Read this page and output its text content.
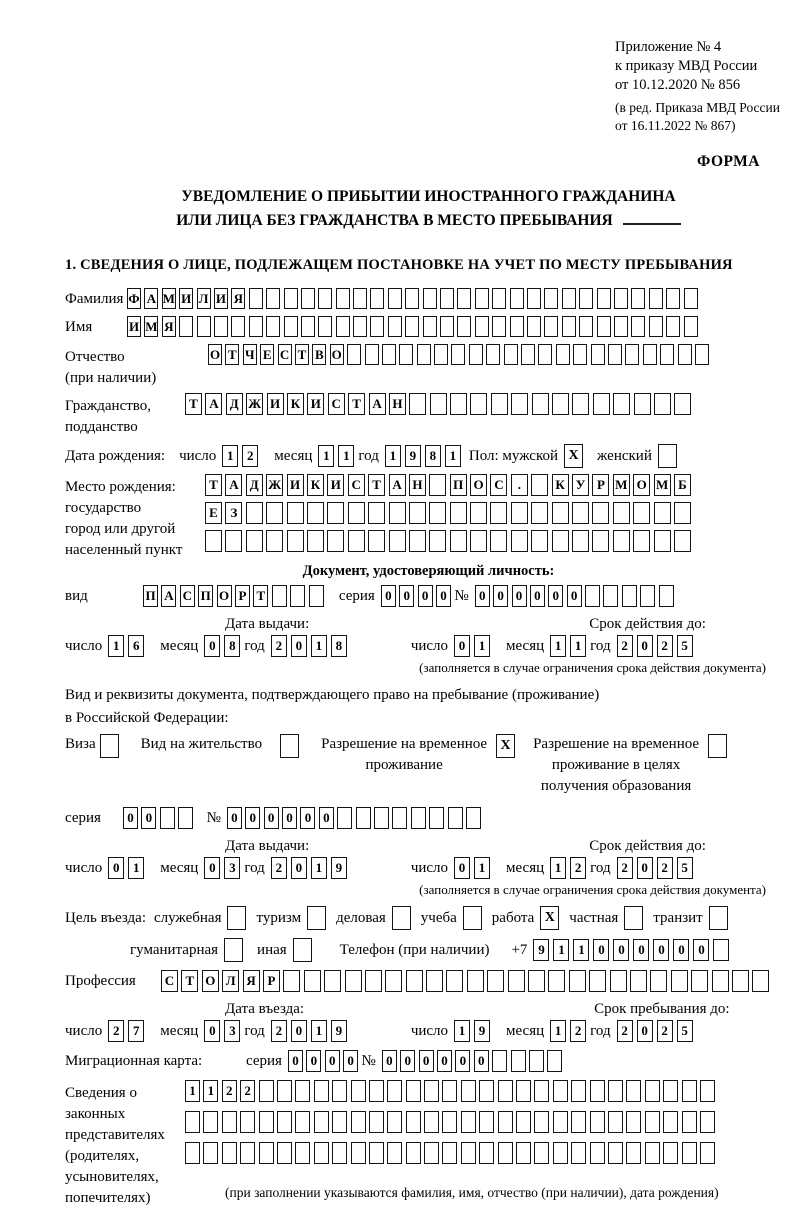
Приложение № 4
к приказу МВД России
от 10.12.2020 № 856
(в ред. Приказа МВД России
от 16.11.2022 № 867)
ФОРМА
УВЕДОМЛЕНИЕ О ПРИБЫТИИ ИНОСТРАННОГО ГРАЖДАНИНА
ИЛИ ЛИЦА БЕЗ ГРАЖДАНСТВА В МЕСТО ПРЕБЫВАНИЯ
1. СВЕДЕНИЯ О ЛИЦЕ, ПОДЛЕЖАЩЕМ ПОСТАНОВКЕ НА УЧЕТ ПО МЕСТУ ПРЕБЫВАНИЯ
Фамилия Ф А М И Л И Я
Имя	И М Я
Отчество
(при наличии)
О Т Ч Е С Т В О
Гражданство,
подданство
Т А Д Ж И К И С Т А Н
Дата рождения: число 1	2	месяц 1	1 год 1	9	8	1 Пол: мужской X женский
Место рождения:
государство
город или другой
населенный пункт
Т А Д Ж И К И С Т А Н П О С	.	К У Р М О М Б
Е З
Документ, удостоверяющий личность:
вид	П А С П О Р Т	серия 0 0 0 0 № 0 0 0 0 0 0
Дата выдачи:	Срок действия до:
число 1	6	месяц 0	8 год 2	0	1	8	число 0	1	месяц 1	1 год 2	0	2	5
(заполняется в случае ограничения срока действия документа)
Вид и реквизиты документа, подтверждающего право на пребывание (проживание)
в Российской Федерации:
Виза	Вид на жительство	Разрешение на временное
проживание
X Разрешение на временное
проживание в целях
получения образования
серия	0 0	№ 0 0 0 0 0 0
Дата выдачи:	Срок действия до:
число 0	1	месяц 0	3 год 2	0	1	9	число 0	1	месяц 1	2 год 2	0	2	5
(заполняется в случае ограничения срока действия документа)
Цель въезда: служебная туризм деловая учеба работа X частная транзит
гуманитарная	иная	Телефон (при наличии) +7 9	1	1	0	0	0	0	0	0
Профессия	С Т О Л Я Р
Дата въезда:	Срок пребывания до:
число 2	7	месяц 0	3 год 2	0	1	9	число 1	9	месяц 1	2 год 2	0	2	5
Миграционная карта:	серия 0 0 0 0 № 0 0 0 0 0 0
Сведения о
законных
представителях
(родителях,
усыновителях,
попечителях)
1 1 2 2
(при заполнении указываются фамилия, имя, отчество (при наличии), дата рождения)
